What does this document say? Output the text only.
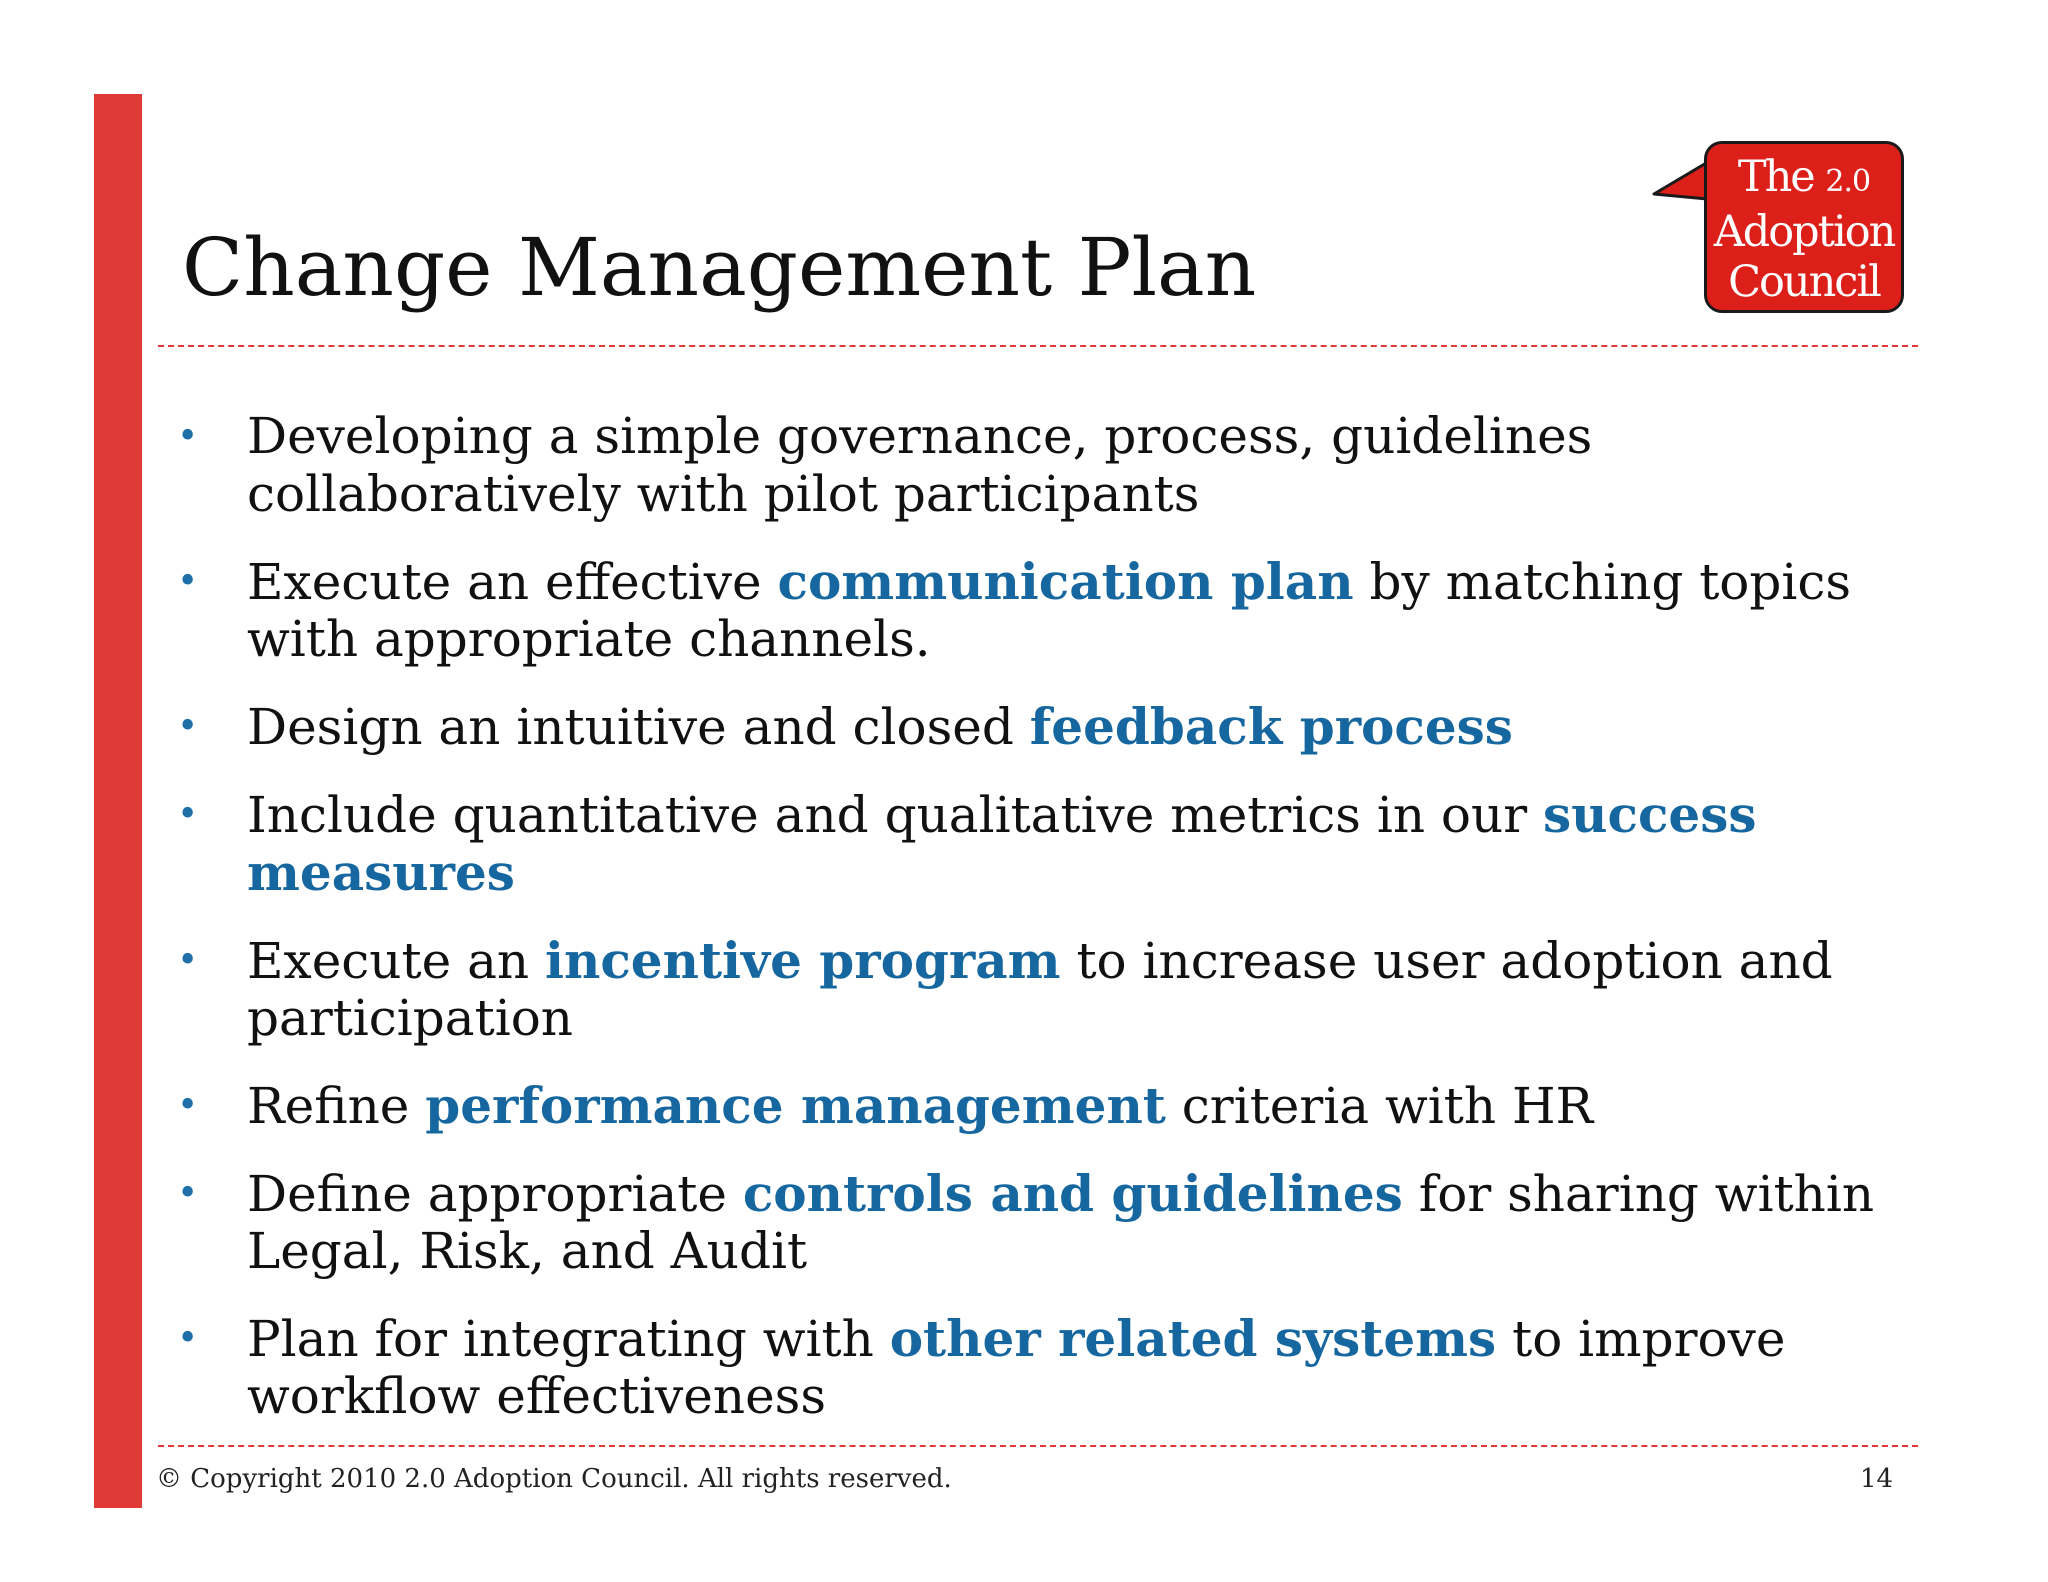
Change Management Plan
The 2.0
Adoption
Council
• Developing a simple governance, process, guidelines collaboratively with pilot participants
• Execute an effective communication plan by matching topics with appropriate channels.
• Design an intuitive and closed feedback process
• Include quantitative and qualitative metrics in our success measures
• Execute an incentive program to increase user adoption and participation
• Refine performance management criteria with HR
• Define appropriate controls and guidelines for sharing within Legal, Risk, and Audit
• Plan for integrating with other related systems to improve workflow effectiveness
© Copyright 2010 2.0 Adoption Council. All rights reserved.	14
